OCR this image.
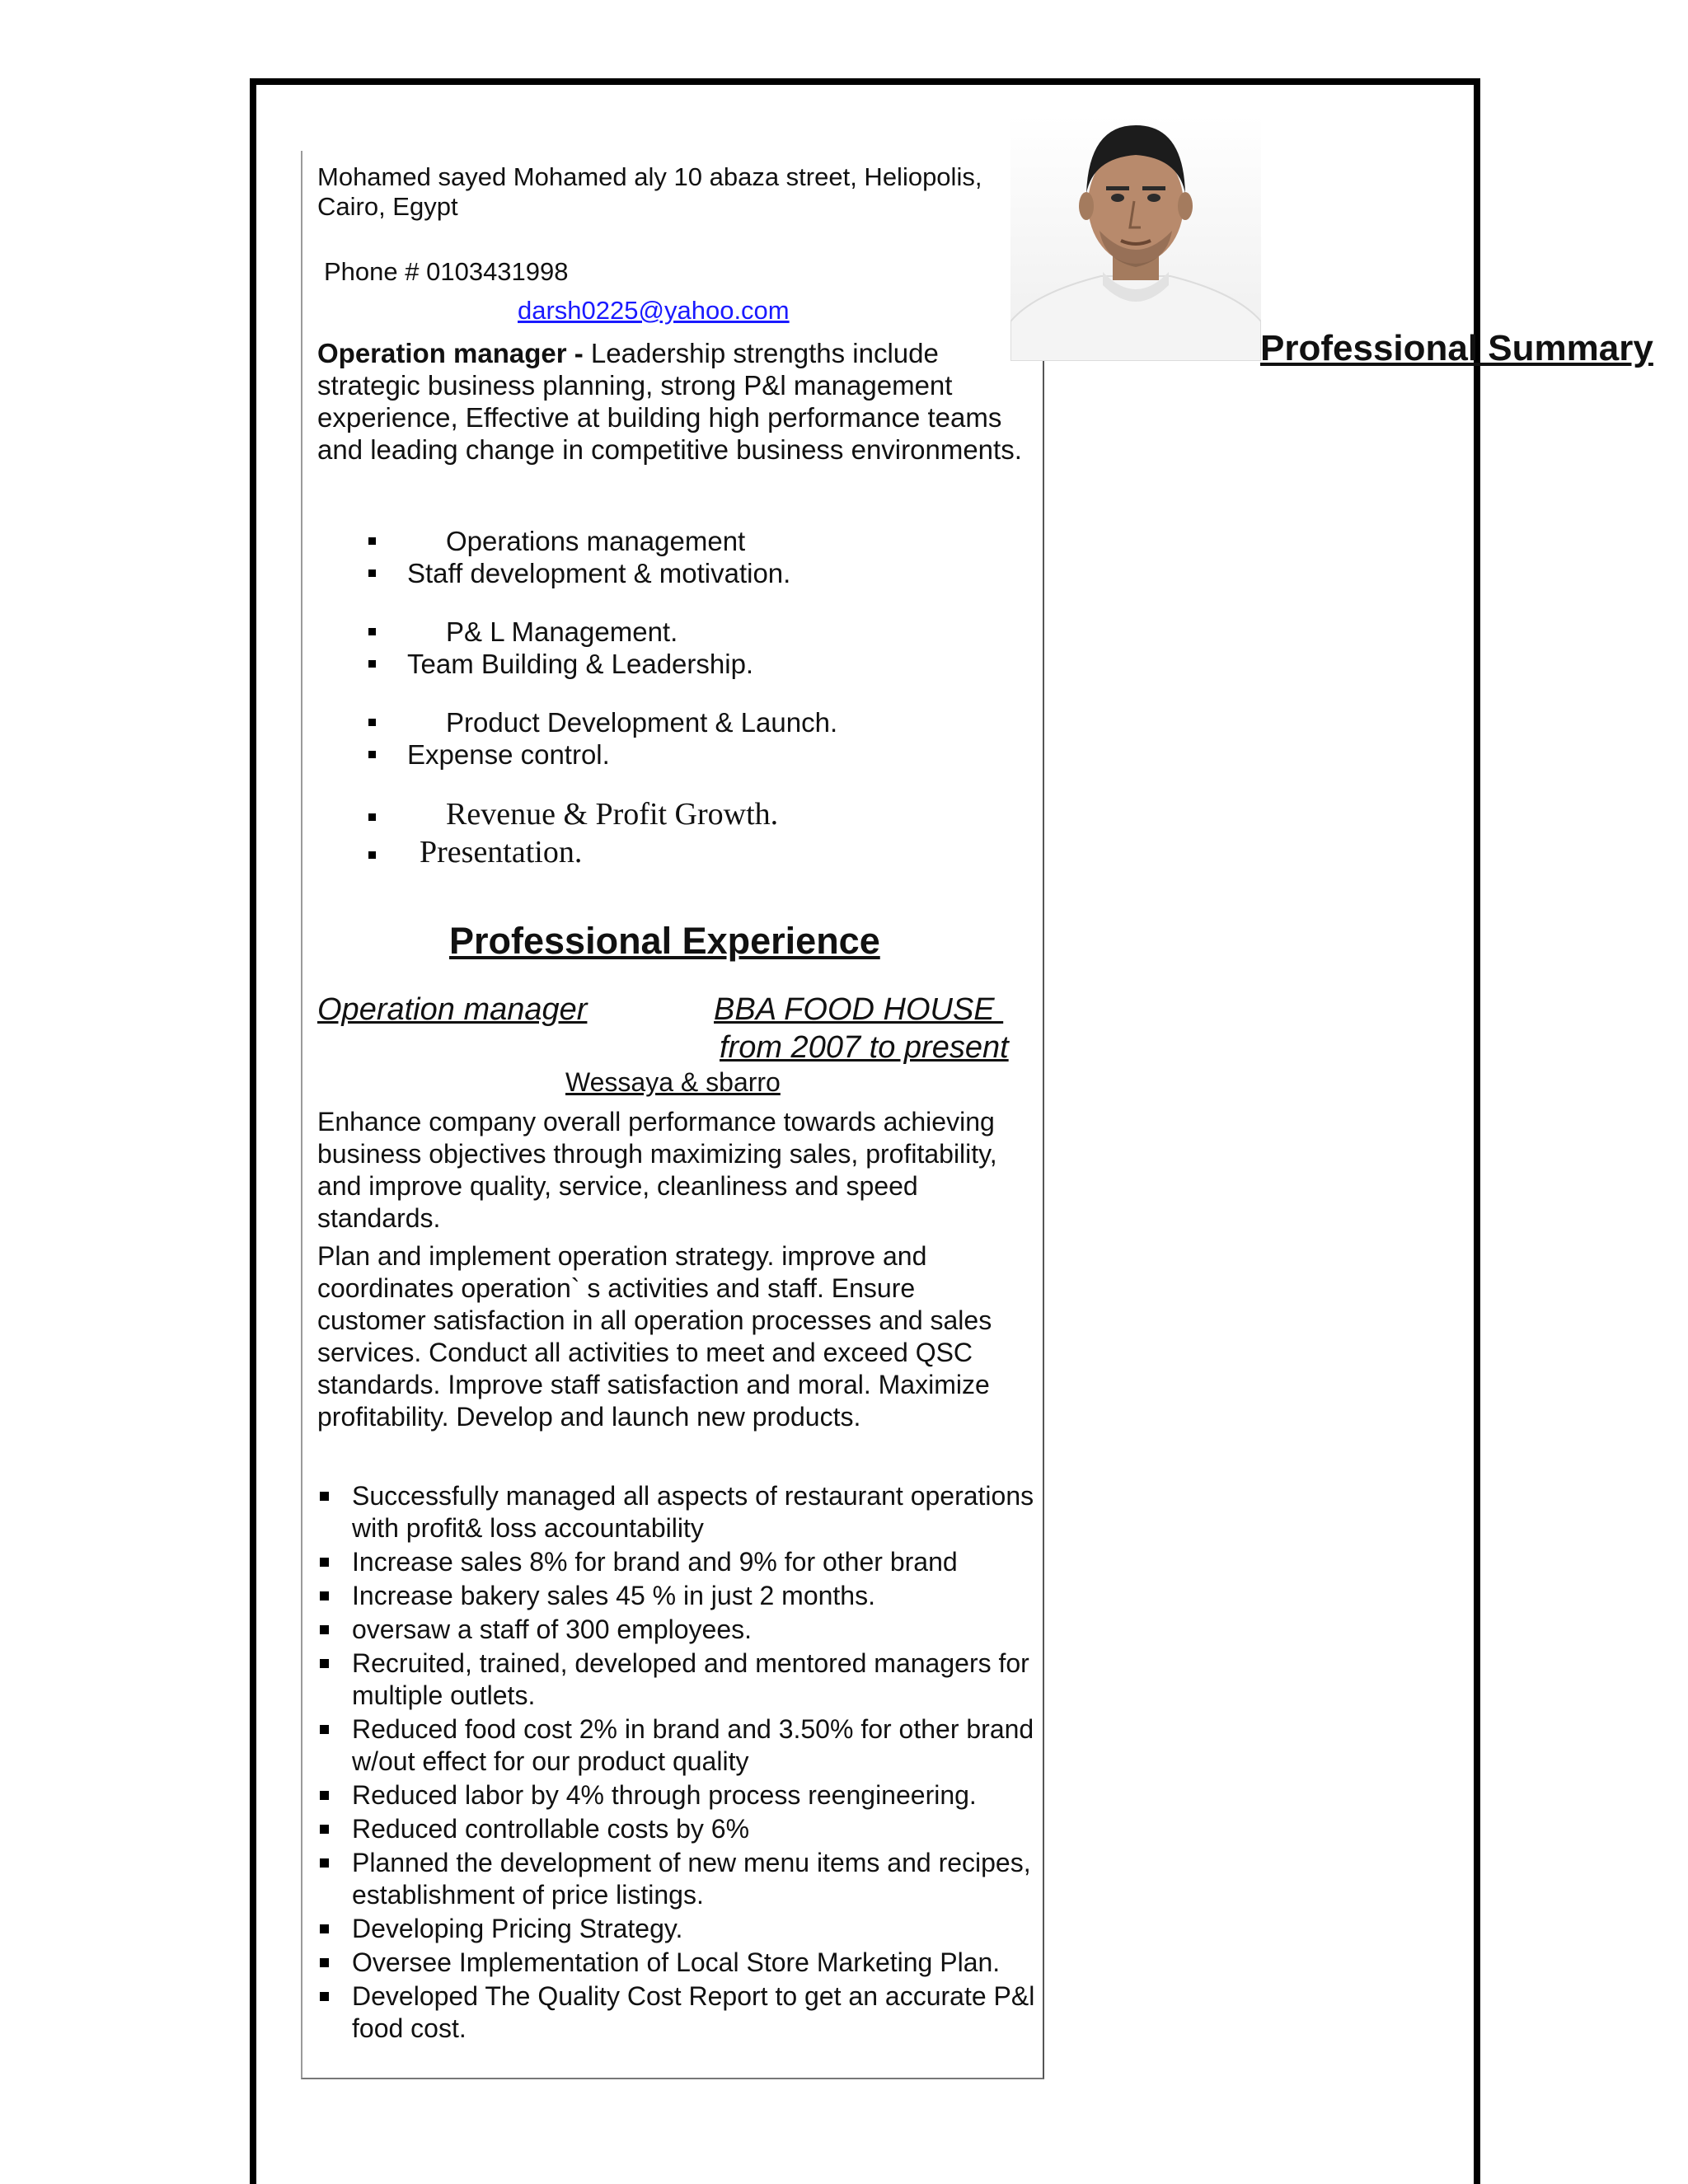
Mohamed sayed Mohamed aly 10 abaza street, Heliopolis,
Cairo, Egypt
Phone # 0103431998
darsh0225@yahoo.com
Professional Summary
Operation manager - Leadership strengths include strategic business planning, strong P&l management experience, Effective at building high performance teams and leading change in competitive business environments.
Operations management
Staff development & motivation.
P& L Management.
Team Building & Leadership.
Product Development & Launch.
Expense control.
Revenue & Profit Growth.
Presentation.
Professional Experience
Operation manager	BBA FOOD HOUSE
from 2007 to present
Wessaya & sbarro
Enhance company overall performance towards achieving business objectives through maximizing sales, profitability, and improve quality, service, cleanliness and speed standards.
Plan and implement operation strategy. improve and coordinates operation` s activities and staff. Ensure customer satisfaction in all operation processes and sales services. Conduct all activities to meet and exceed QSC standards. Improve staff satisfaction and moral. Maximize profitability. Develop and launch new products.
Successfully managed all aspects of restaurant operations with profit& loss accountability
Increase sales 8% for brand and 9% for other brand
Increase bakery sales 45 % in just 2 months.
oversaw a staff of 300 employees.
Recruited, trained, developed and mentored managers for multiple outlets.
Reduced food cost 2% in brand and 3.50% for other brand w/out effect for our product quality
Reduced labor by 4% through process reengineering.
Reduced controllable costs by 6%
Planned the development of new menu items and recipes, establishment of price listings.
Developing Pricing Strategy.
Oversee Implementation of Local Store Marketing Plan.
Developed The Quality Cost Report to get an accurate P&l food cost.
